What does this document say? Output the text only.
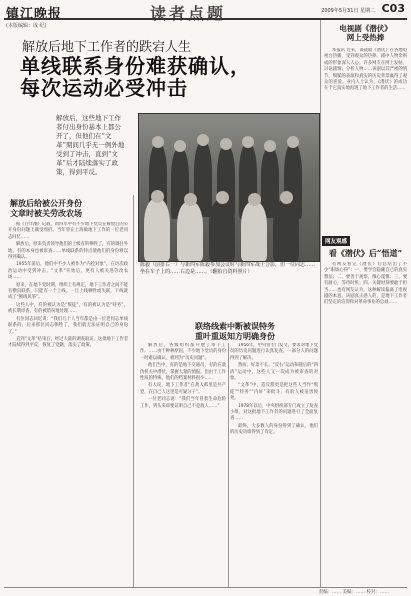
镇江晚报	读者点题	2009年5月31日 星期二 C03
(本版编辑：成 纪)
解放后地下工作者的跌宕人生
单线联系身份难获确认，
每次运动必受冲击
解放后，这些地下工作者付出身份基本上都公开了，但他们在“文革”期间几乎无一例外地受到了冲击，直到“文革”后才陆续落实了政策，得到平反。
陈毅（前排右一）与新四军陈毅参加会议时与新四军战士合影，但一位同志……坐在车子上的……右边是……。（翻拍自资料照片）
解放后给被公开身份
文章时被关劳改农场

据《百年潮》记载，新四军中有不少地下党员在解放后的公开身份问题上颇受周折。当年曾在上海做地下工作的一位老同志回忆……

解放后，原来负责领导他们的上级有的牺牲了，有的调往外地，有的本身也被审查……单线联系的特点使他们的身份难以得到确认。

1955年前后，他们中不少人被作为“内控对象”，在历次政治运动中受到冲击。“文革”开始后，更有人被关进劳改农场……

原来，在地下党时期，组织上有规定，地下工作者之间不能有横向联系，只能有一个上线。一旦上线牺牲或失联，下线就成了“断线风筝”。

这些人中，有的被认为是“叛徒”，有的被认为是“特务”，被长期审查，有的被错误地处理……

有位同志回忆说：“我们几个人当年都是由一位老同志单线联系的，后来那位同志牺牲了，我们就无法证明自己的身份了。”

直到“文革”结束后，经过大量的调查取证，这批地下工作者才陆续得到平反，恢复了党籍，落实了政策。

联络线索中断被误特务
重叶重返知方明确身份

解放后，各级组织都开展了审干工作。……由于种种原因，不少地下党员的身份一时难以确认，被列为“历史问题”。

他们当中，有的是地下交通员，有的在敌伪机关中潜伏，掌握大量的情报。但由于工作性质的特殊，他们的档案材料很少……

有人说，地下工作者“在敌人那里是共产党，在自己人这里是可疑分子”。

一位老同志说：“我们当年冒着生命危险工作，到头来却要证明自己不是敌人……”

1956年，中央曾专门发文，要求对地下党员的历史问题进行认真复查，一部分人的问题得到了解决。

然而，好景不长。“反右”运动和随后的“四清”运动中，这些人又一次成为被审查的对象。

“文革”中，造反派更是把这些人当作“叛徒”“特务”“内奸”来批斗，有的人被迫害致死。

1978年以后，中央组织部专门成立了复查小组，对这批地下工作者的问题进行了全面复查……

最终，大多数人的身份得到了确认，他们的历史功绩得到了肯定。

电视剧《潜伏》
网上受热捧

本报讯 近来，谍战剧《潜伏》在各地电视台热播，受到观众的热捧。剧中人物余则成的形象深入人心。许多网友在网上发帖，讨论剧情，分析人物……该剧以其严密的情节、细腻的表演和真实的历史背景赢得了观众的喜爱。业内人士认为，《潜伏》的成功在于它真实地再现了地下工作者的生活……

网友观感
看《潜伏》后“悟道”

有网友看完《潜伏》后总结出了不少“职场心得”：一、要学会隐藏自己的真实想法；二、要善于观察，细心谨慎；三、要有耐心，等待时机；四、关键时刻要敢于担当……也有网友认为，这种解读偏离了电视剧的本意。该剧真正感人的，是地下工作者们坚定的信仰和对革命事业的忠诚……

责编：…… 美编：…… 校对：……
